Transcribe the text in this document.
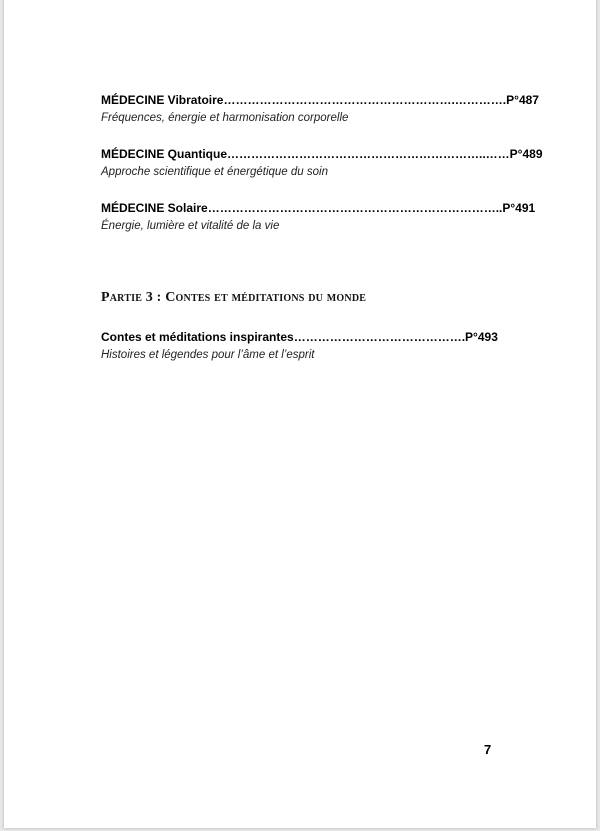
MÉDECINE Vibratoire………………………………………………….………….P°487
Fréquences, énergie et harmonisation corporelle
MÉDECINE Quantique………………………………………………………..……P°489
Approche scientifique et énergétique du soin
MÉDECINE Solaire………………………………………………………………..P°491
Énergie, lumière et vitalité de la vie
Partie 3 : Contes et méditations du monde
Contes et méditations inspirantes…………………………………….P°493
Histoires et légendes pour l’âme et l’esprit
7
